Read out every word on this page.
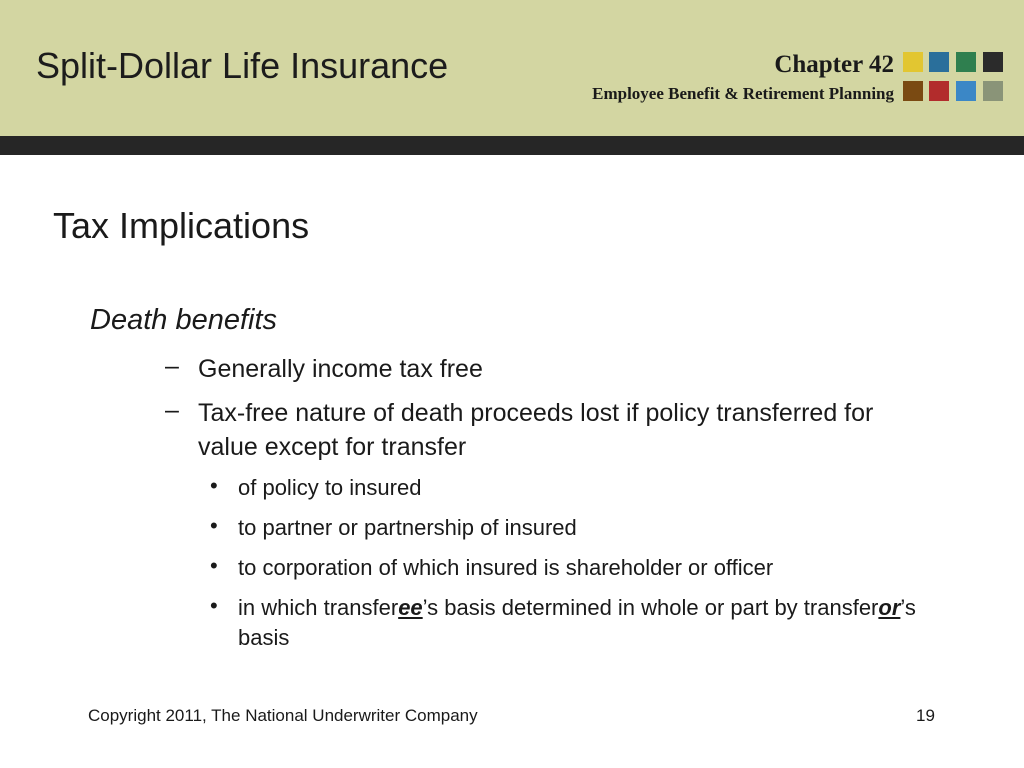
Split-Dollar Life Insurance	Chapter 42
Employee Benefit & Retirement Planning
Tax Implications
Death benefits
– Generally income tax free
– Tax-free nature of death proceeds lost if policy transferred for value except for transfer
• of policy to insured
• to partner or partnership of insured
• to corporation of which insured is shareholder or officer
• in which transferee’s basis determined in whole or part by transferor’s basis
Copyright 2011, The National Underwriter Company	19
